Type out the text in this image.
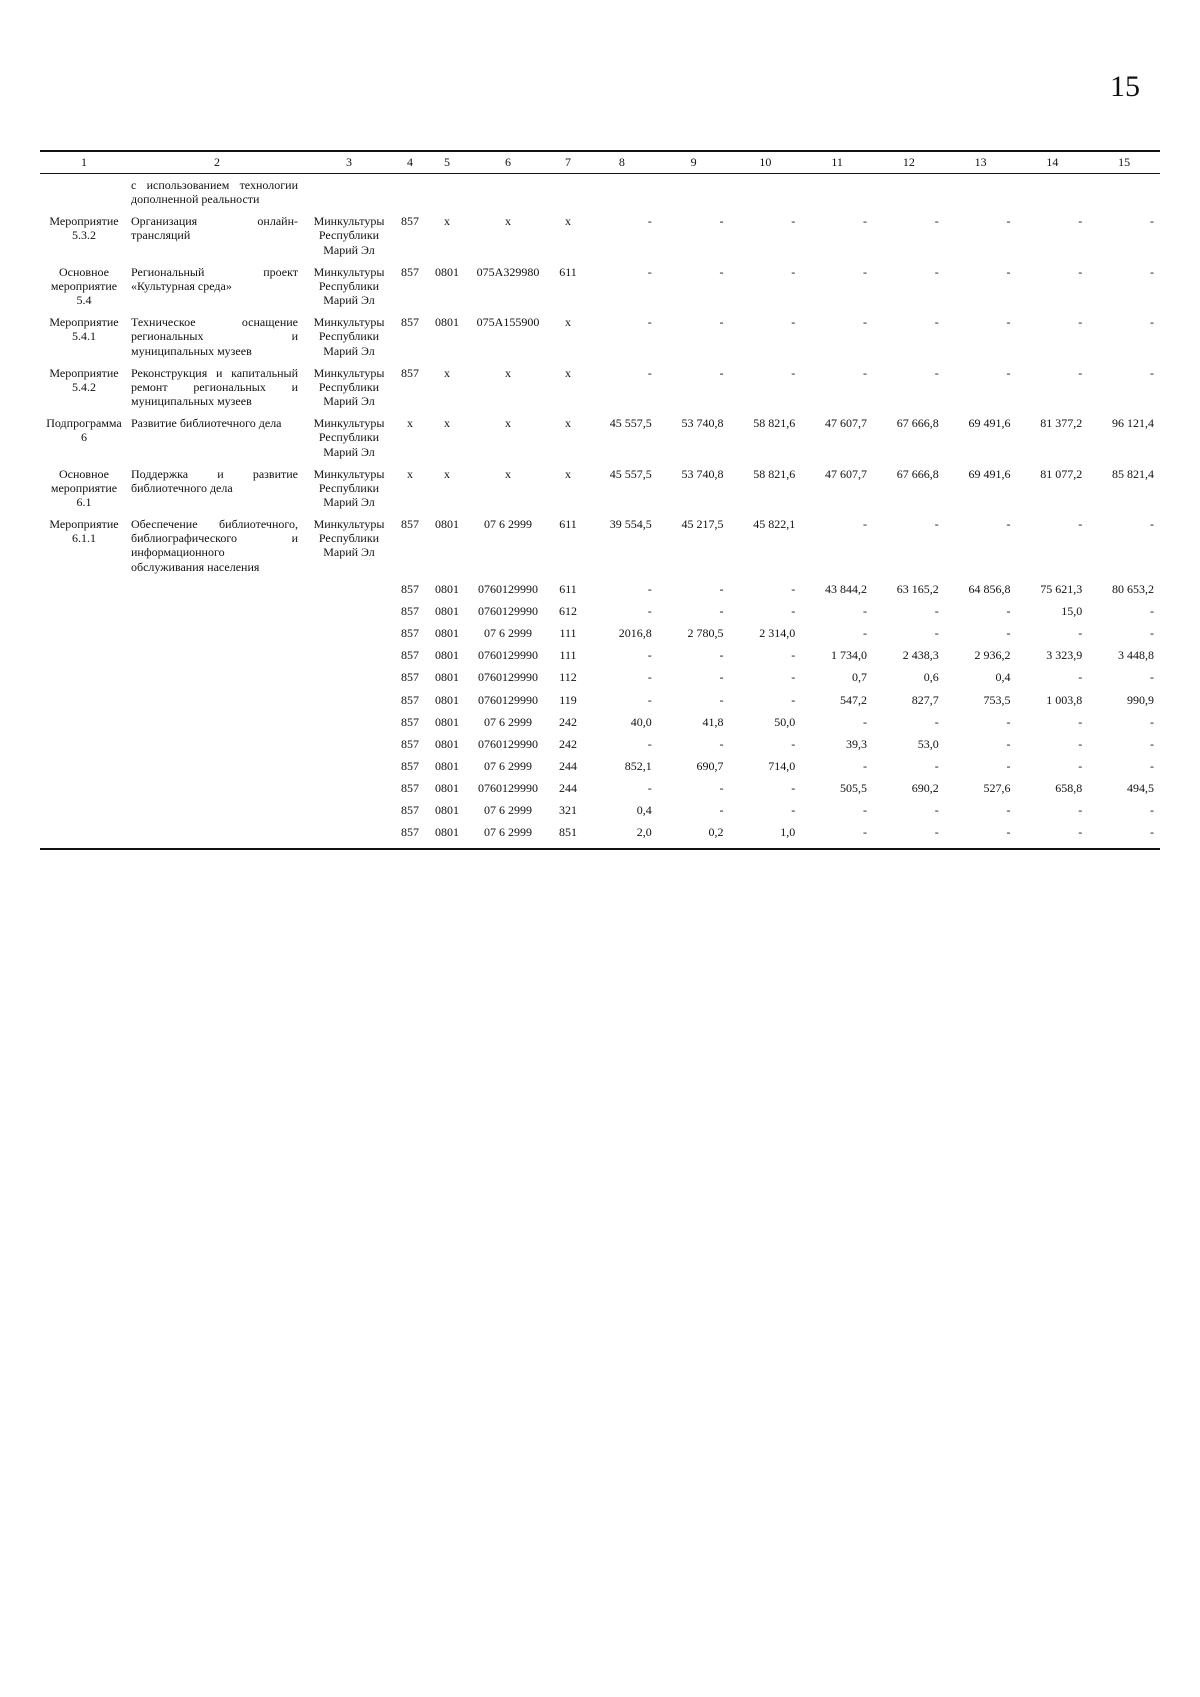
15
1	2	3	4	5	6	7	8	9	10	11	12	13	14	15
	с использованием технологии дополненной реальности													
Мероприятие 5.3.2	Организация онлайн-трансляций	Минкультуры Республики Марий Эл	857	х	х	х	-	-	-	-	-	-	-	-
Основное мероприятие 5.4	Региональный проект «Культурная среда»	Минкультуры Республики Марий Эл	857	0801	075А329980	611	-	-	-	-	-	-	-	-
Мероприятие 5.4.1	Техническое оснащение региональных и муниципальных музеев	Минкультуры Республики Марий Эл	857	0801	075А155900	х	-	-	-	-	-	-	-	-
Мероприятие 5.4.2	Реконструкция и капитальный ремонт региональных и муниципальных музеев	Минкультуры Республики Марий Эл	857	х	х	х	-	-	-	-	-	-	-	-
Подпрограмма 6	Развитие библиотечного дела	Минкультуры Республики Марий Эл	х	х	х	х	45 557,5	53 740,8	58 821,6	47 607,7	67 666,8	69 491,6	81 377,2	96 121,4
Основное мероприятие 6.1	Поддержка и развитие библиотечного дела	Минкультуры Республики Марий Эл	х	х	х	х	45 557,5	53 740,8	58 821,6	47 607,7	67 666,8	69 491,6	81 077,2	85 821,4
Мероприятие 6.1.1	Обеспечение библиотечного, библиографического и информационного обслуживания населения	Минкультуры Республики Марий Эл	857	0801	07 6 2999	611	39 554,5	45 217,5	45 822,1	-	-	-	-	-
			857	0801	0760129990	611	-	-	-	43 844,2	63 165,2	64 856,8	75 621,3	80 653,2
			857	0801	0760129990	612	-	-	-	-	-	-	15,0	-
			857	0801	07 6 2999	111	2016,8	2 780,5	2 314,0	-	-	-	-	-
			857	0801	0760129990	111	-	-	-	1 734,0	2 438,3	2 936,2	3 323,9	3 448,8
			857	0801	0760129990	112	-	-	-	0,7	0,6	0,4	-	-
			857	0801	0760129990	119	-	-	-	547,2	827,7	753,5	1 003,8	990,9
			857	0801	07 6 2999	242	40,0	41,8	50,0	-	-	-	-	-
			857	0801	0760129990	242	-	-	-	39,3	53,0	-	-	-
			857	0801	07 6 2999	244	852,1	690,7	714,0	-	-	-	-	-
			857	0801	0760129990	244	-	-	-	505,5	690,2	527,6	658,8	494,5
			857	0801	07 6 2999	321	0,4	-	-	-	-	-	-	-
			857	0801	07 6 2999	851	2,0	0,2	1,0	-	-	-	-	-
